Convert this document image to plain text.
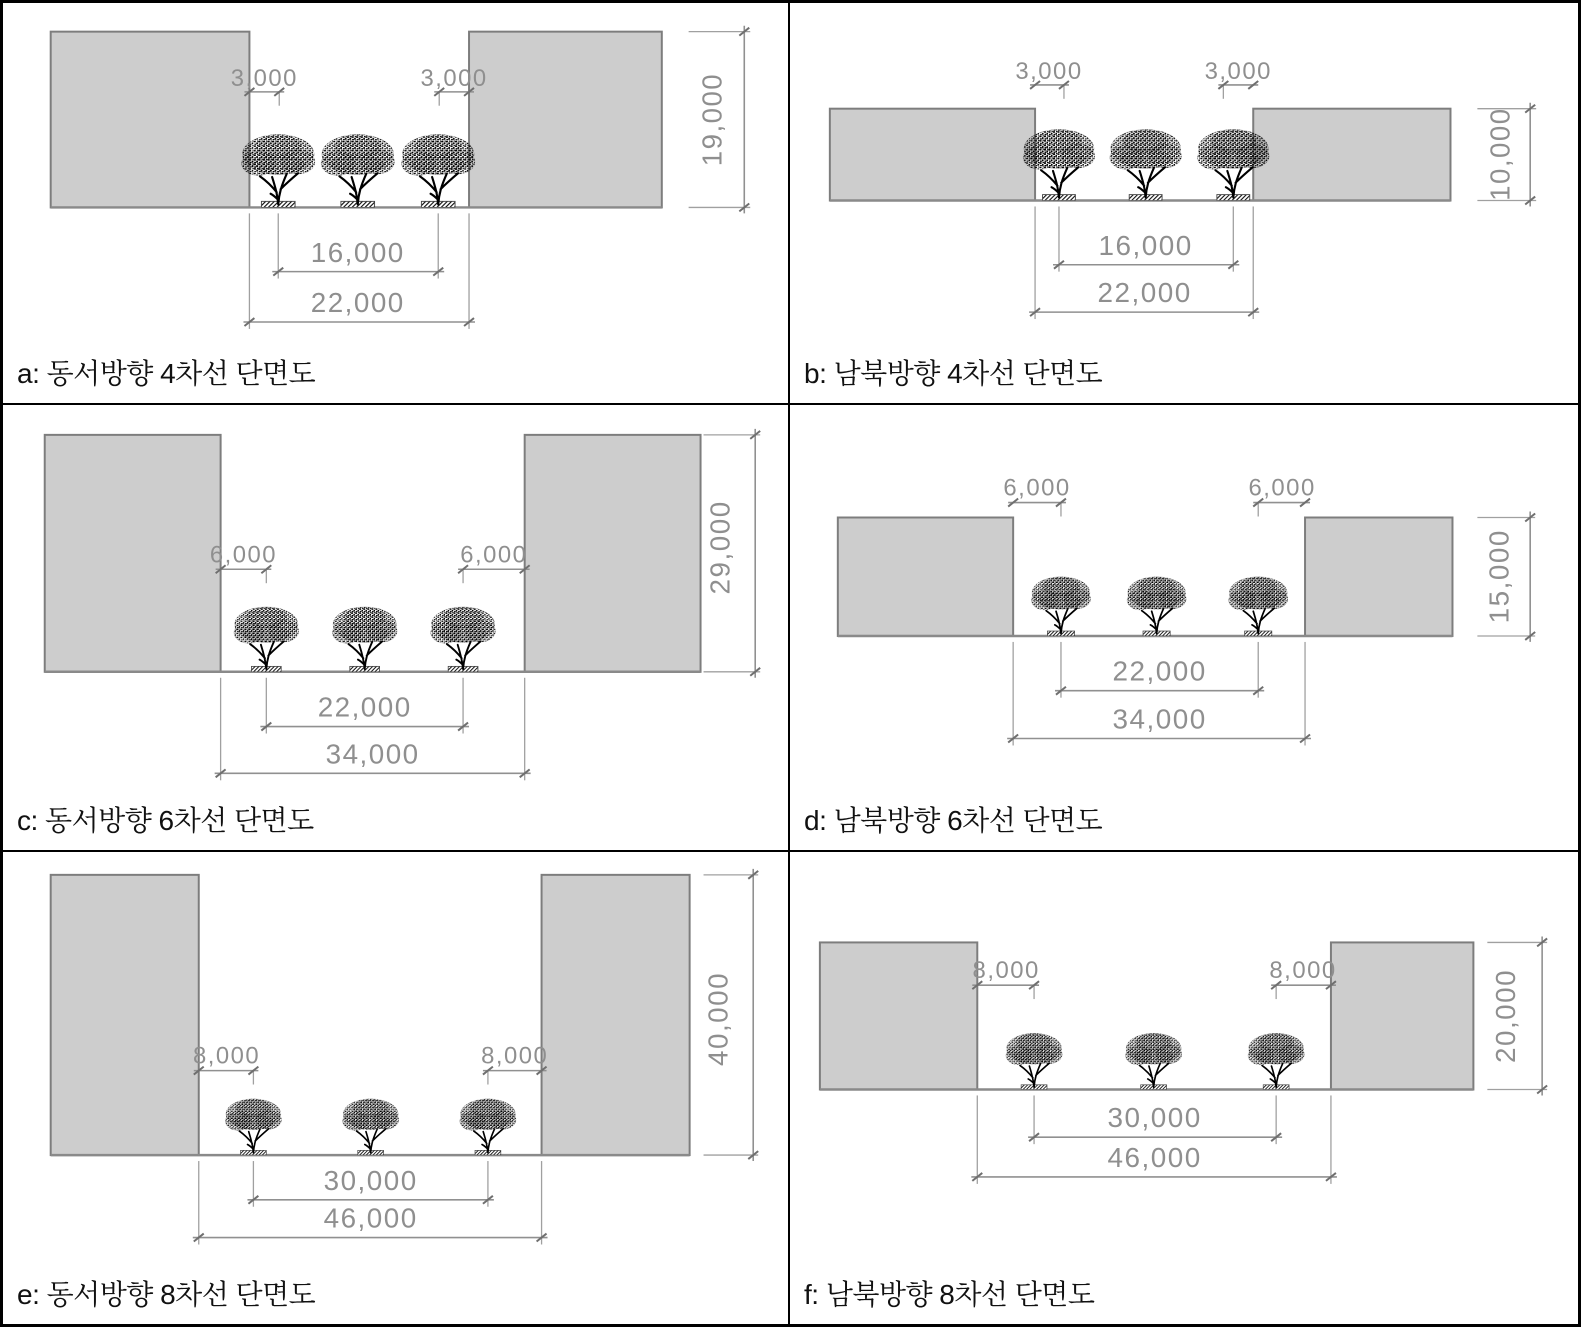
3,000	3,000
16,000
22,000
19,000
a: 동서방향 4차선 단면도
3,000	3,000
16,000
22,000
10,000
b: 남북방향 4차선 단면도
6,000	6,000
22,000
34,000
29,000
c: 동서방향 6차선 단면도
6,000	6,000
22,000
34,000
15,000
d: 남북방향 6차선 단면도
8,000	8,000
30,000
46,000
40,000
e: 동서방향 8차선 단면도
8,000	8,000
30,000
46,000
20,000
f: 남북방향 8차선 단면도
